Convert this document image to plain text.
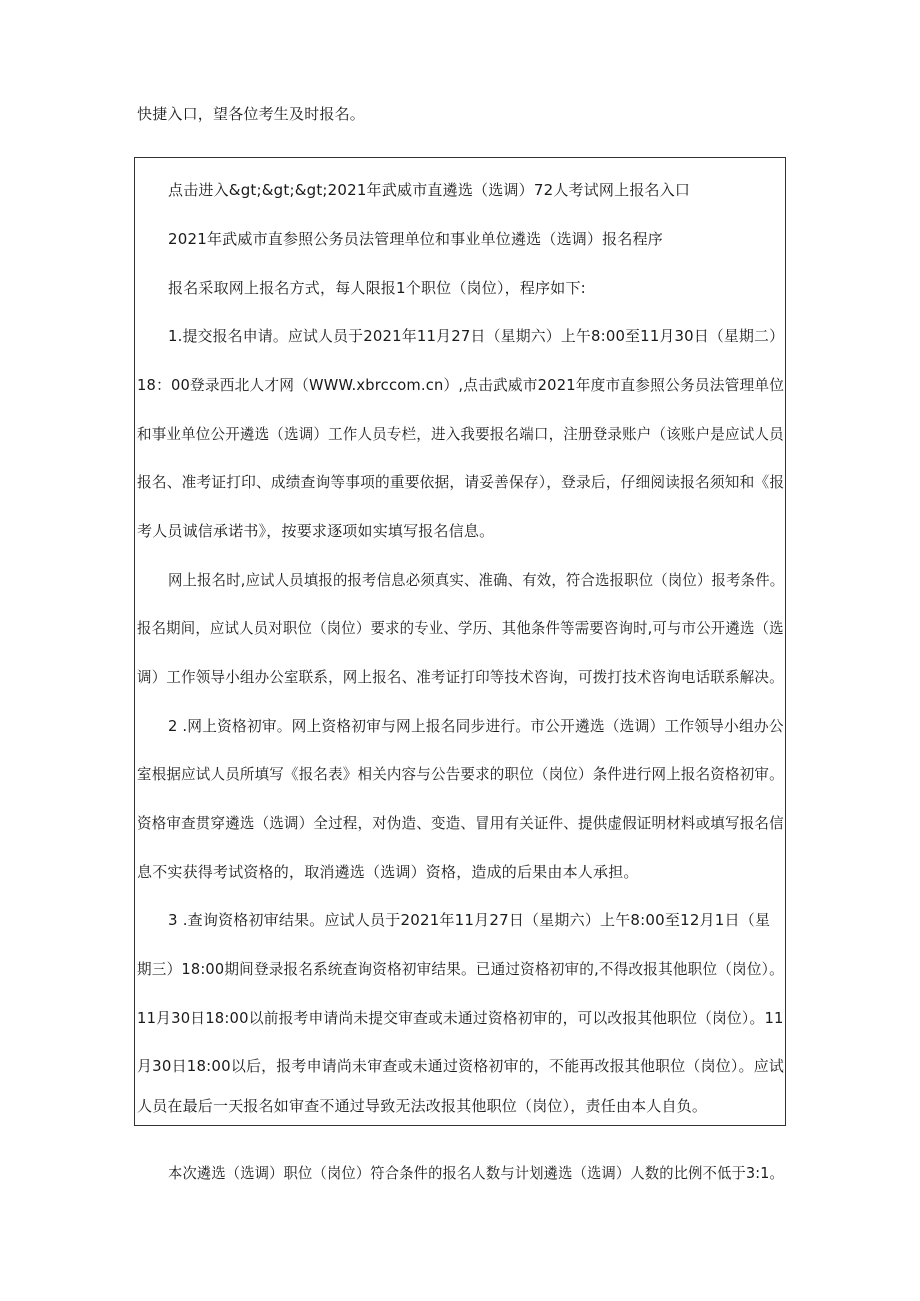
快捷入口，望各位考生及时报名。
点击进入&gt;&gt;&gt;2021年武威市直遴选（选调）72人考试网上报名入口
2021年武威市直参照公务员法管理单位和事业单位遴选（选调）报名程序
报名采取网上报名方式，每人限报1个职位（岗位），程序如下:
1.提交报名申请。应试人员于2021年11月27日（星期六）上午8:00至11月30日（星期二）
18：00登录西北人才网（WWW.xbrccom.cn）,点击武威市2021年度市直参照公务员法管理单位
和事业单位公开遴选（选调）工作人员专栏，进入我要报名端口，注册登录账户（该账户是应试人员
报名、准考证打印、成绩查询等事项的重要依据，请妥善保存），登录后，仔细阅读报名须知和《报
考人员诚信承诺书》，按要求逐项如实填写报名信息。
网上报名时,应试人员填报的报考信息必须真实、准确、有效，符合选报职位（岗位）报考条件。
报名期间，应试人员对职位（岗位）要求的专业、学历、其他条件等需要咨询时,可与市公开遴选（选
调）工作领导小组办公室联系，网上报名、准考证打印等技术咨询，可拨打技术咨询电话联系解决。
2 .网上资格初审。网上资格初审与网上报名同步进行。市公开遴选（选调）工作领导小组办公
室根据应试人员所填写《报名表》相关内容与公告要求的职位（岗位）条件进行网上报名资格初审。
资格审查贯穿遴选（选调）全过程，对伪造、变造、冒用有关证件、提供虚假证明材料或填写报名信
息不实获得考试资格的，取消遴选（选调）资格，造成的后果由本人承担。
3 .查询资格初审结果。应试人员于2021年11月27日（星期六）上午8:00至12月1日（星
期三）18:00期间登录报名系统查询资格初审结果。已通过资格初审的,不得改报其他职位（岗位）。
11月30日18:00以前报考申请尚未提交审查或未通过资格初审的，可以改报其他职位（岗位）。11
月30日18:00以后，报考申请尚未审查或未通过资格初审的，不能再改报其他职位（岗位）。应试
人员在最后一天报名如审查不通过导致无法改报其他职位（岗位），责任由本人自负。
本次遴选（选调）职位（岗位）符合条件的报名人数与计划遴选（选调）人数的比例不低于3:1。
